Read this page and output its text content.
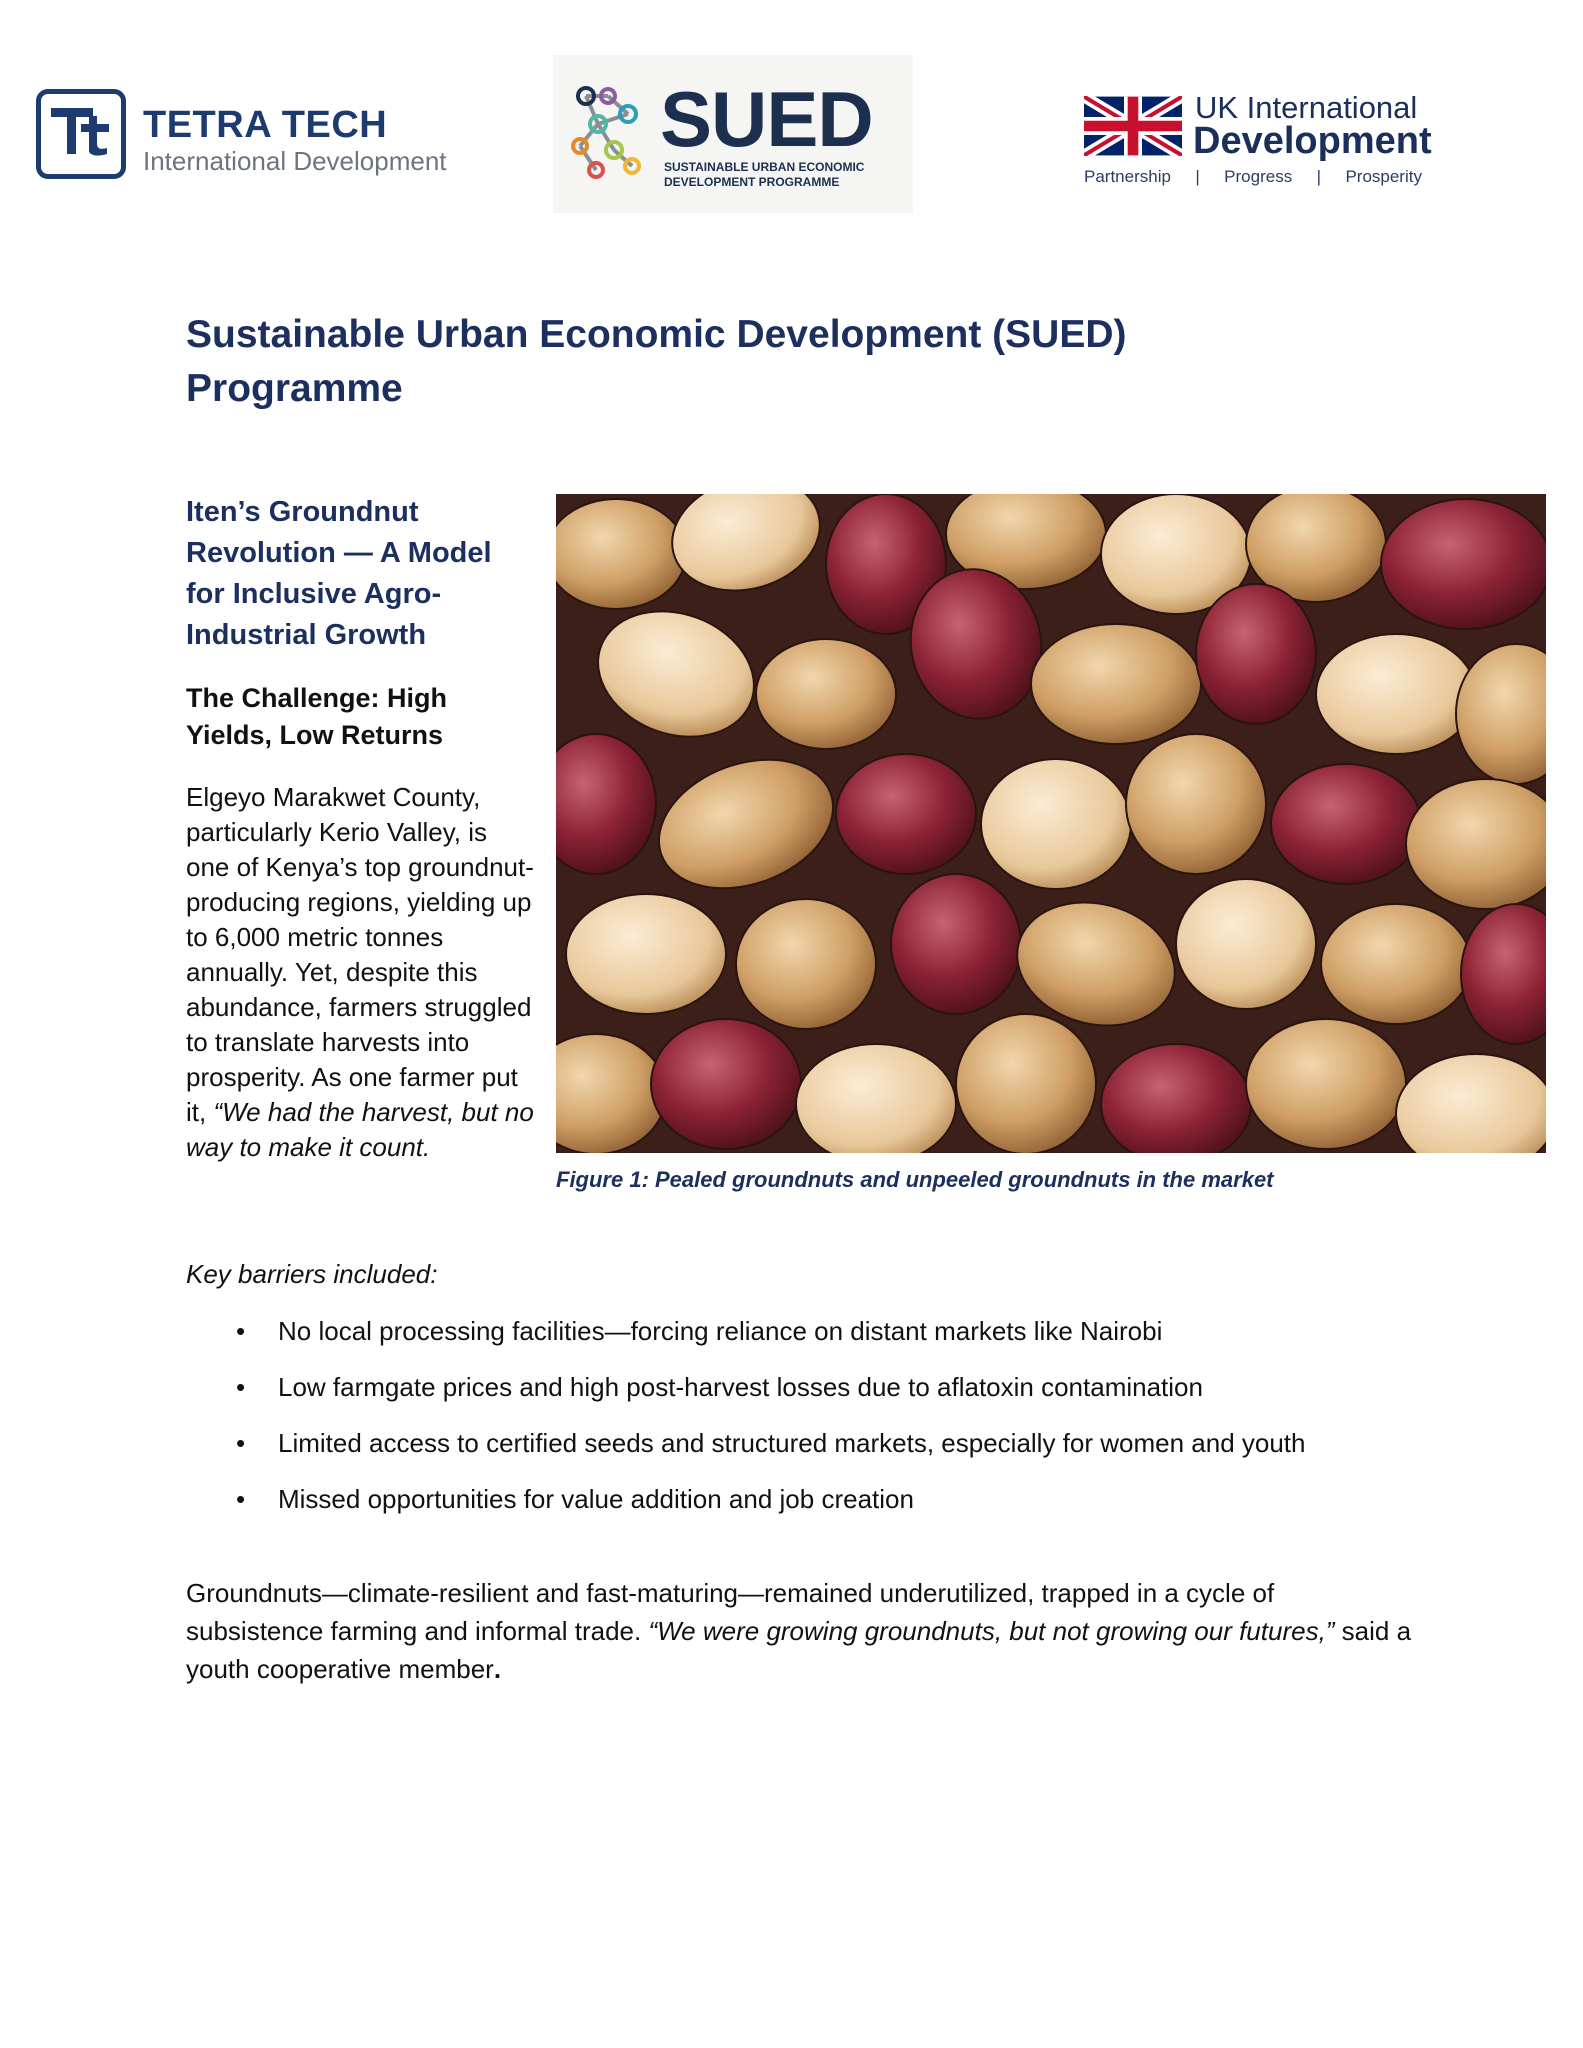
TETRA TECH
International Development	SUED
SUSTAINABLE URBAN ECONOMIC
DEVELOPMENT PROGRAMME
UK International
Development
Partnership | Progress | Prosperity
Sustainable Urban Economic Development (SUED) Programme
Iten’s Groundnut Revolution — A Model for Inclusive Agro-Industrial Growth
The Challenge: High Yields, Low Returns

Elgeyo Marakwet County, particularly Kerio Valley, is one of Kenya’s top groundnut-producing regions, yielding up to 6,000 metric tonnes annually. Yet, despite this abundance, farmers struggled to translate harvests into prosperity. As one farmer put it, “We had the harvest, but no way to make it count.

Figure 1: Pealed groundnuts and unpeeled groundnuts in the market
Key barriers included:
• No local processing facilities—forcing reliance on distant markets like Nairobi
• Low farmgate prices and high post-harvest losses due to aflatoxin contamination
• Limited access to certified seeds and structured markets, especially for women and youth
• Missed opportunities for value addition and job creation

Groundnuts—climate-resilient and fast-maturing—remained underutilized, trapped in a cycle of subsistence farming and informal trade. “We were growing groundnuts, but not growing our futures,” said a youth cooperative member.
